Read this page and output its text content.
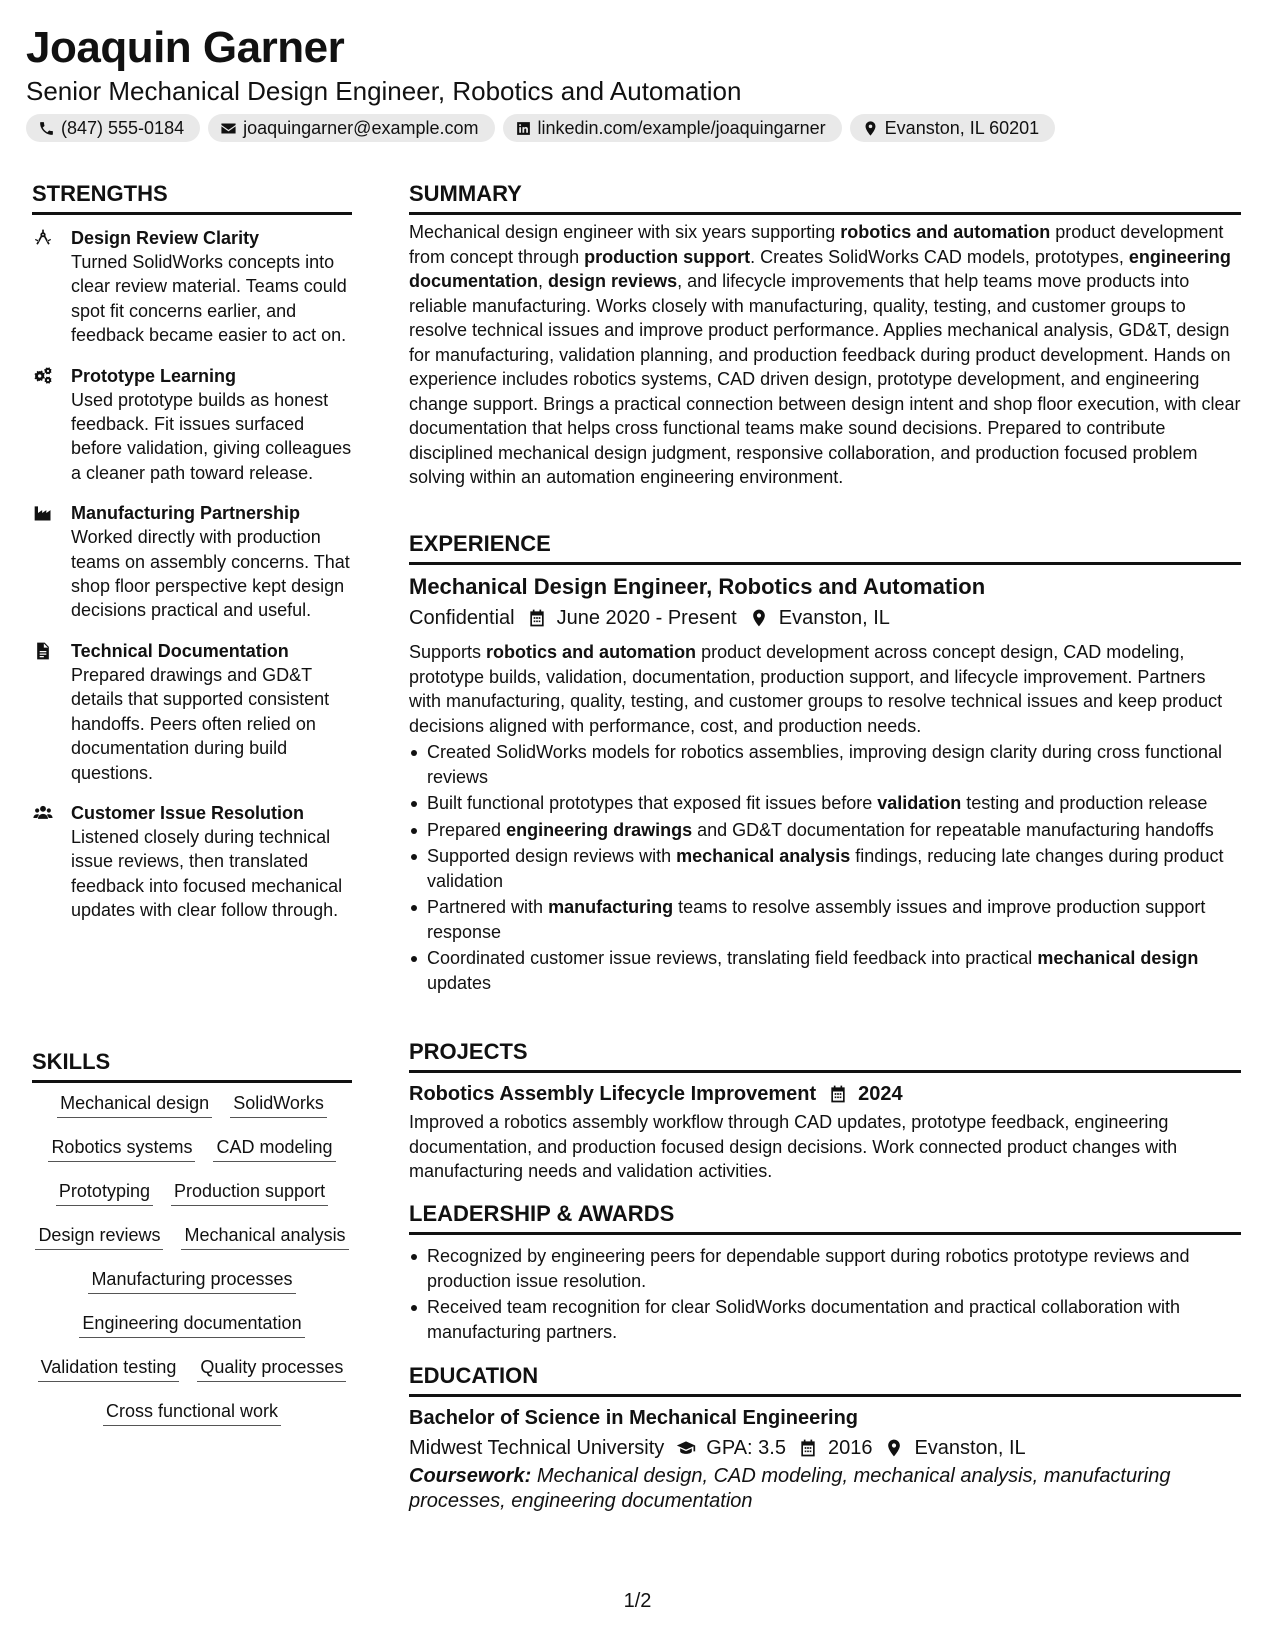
Joaquin Garner
Senior Mechanical Design Engineer, Robotics and Automation
(847) 555-0184	joaquingarner@example.com	linkedin.com/example/joaquingarner	Evanston, IL 60201
STRENGTHS
Design Review Clarity
Turned SolidWorks concepts into clear review material. Teams could spot fit concerns earlier, and feedback became easier to act on.
Prototype Learning
Used prototype builds as honest feedback. Fit issues surfaced before validation, giving colleagues a cleaner path toward release.
Manufacturing Partnership
Worked directly with production teams on assembly concerns. That shop floor perspective kept design decisions practical and useful.
Technical Documentation
Prepared drawings and GD&T details that supported consistent handoffs. Peers often relied on documentation during build questions.
Customer Issue Resolution
Listened closely during technical issue reviews, then translated feedback into focused mechanical updates with clear follow through.
SKILLS
Mechanical design SolidWorks
Robotics systems CAD modeling
Prototyping Production support
Design reviews Mechanical analysis
Manufacturing processes
Engineering documentation
Validation testing Quality processes
Cross functional work
SUMMARY
Mechanical design engineer with six years supporting robotics and automation product development from concept through production support. Creates SolidWorks CAD models, prototypes, engineering documentation, design reviews, and lifecycle improvements that help teams move products into reliable manufacturing. Works closely with manufacturing, quality, testing, and customer groups to resolve technical issues and improve product performance. Applies mechanical analysis, GD&T, design for manufacturing, validation planning, and production feedback during product development. Hands on experience includes robotics systems, CAD driven design, prototype development, and engineering change support. Brings a practical connection between design intent and shop floor execution, with clear documentation that helps cross functional teams make sound decisions. Prepared to contribute disciplined mechanical design judgment, responsive collaboration, and production focused problem solving within an automation engineering environment.
EXPERIENCE
Mechanical Design Engineer, Robotics and Automation
Confidential June 2020 - Present Evanston, IL
Supports robotics and automation product development across concept design, CAD modeling, prototype builds, validation, documentation, production support, and lifecycle improvement. Partners with manufacturing, quality, testing, and customer groups to resolve technical issues and keep product decisions aligned with performance, cost, and production needs.
Created SolidWorks models for robotics assemblies, improving design clarity during cross functional reviews
Built functional prototypes that exposed fit issues before validation testing and production release
Prepared engineering drawings and GD&T documentation for repeatable manufacturing handoffs
Supported design reviews with mechanical analysis findings, reducing late changes during product validation
Partnered with manufacturing teams to resolve assembly issues and improve production support response
Coordinated customer issue reviews, translating field feedback into practical mechanical design updates
PROJECTS
Robotics Assembly Lifecycle Improvement 2024
Improved a robotics assembly workflow through CAD updates, prototype feedback, engineering documentation, and production focused design decisions. Work connected product changes with manufacturing needs and validation activities.
LEADERSHIP & AWARDS
Recognized by engineering peers for dependable support during robotics prototype reviews and production issue resolution.
Received team recognition for clear SolidWorks documentation and practical collaboration with manufacturing partners.
EDUCATION
Bachelor of Science in Mechanical Engineering
Midwest Technical University GPA: 3.5 2016 Evanston, IL
Coursework: Mechanical design, CAD modeling, mechanical analysis, manufacturing processes, engineering documentation
1/2
